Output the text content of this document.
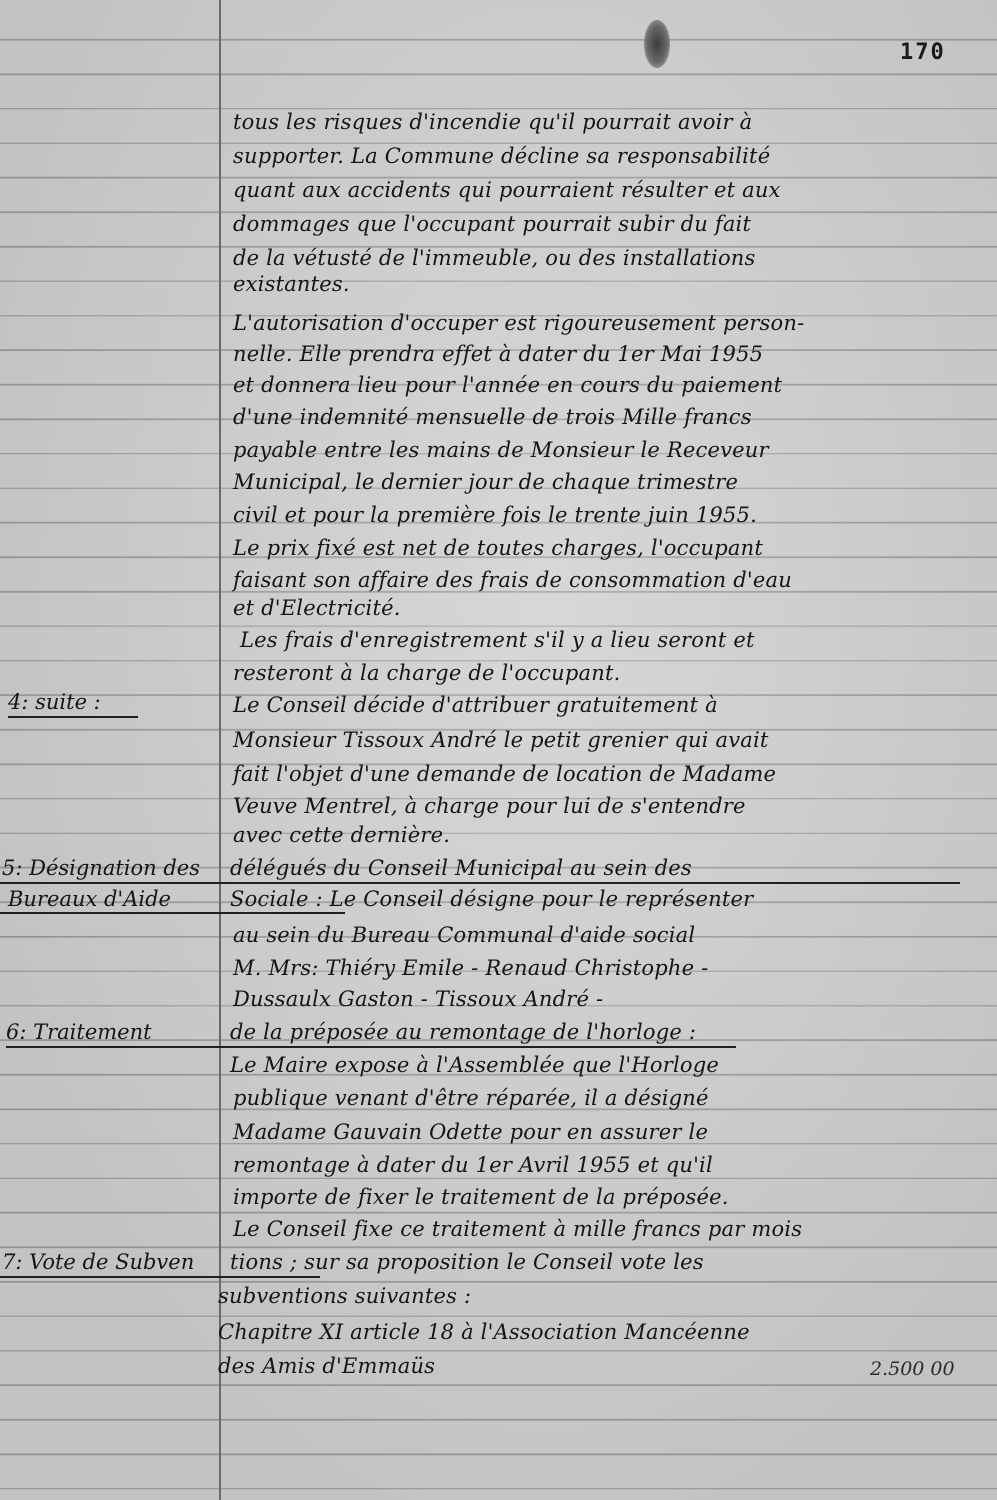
170
4: suite :
5: Désignation des
Bureaux d'Aide
6: Traitement
7: Vote de Subven
tous les risques d'incendie qu'il pourrait avoir à
supporter. La Commune décline sa responsabilité
quant aux accidents qui pourraient résulter et aux
dommages que l'occupant pourrait subir du fait
de la vétusté de l'immeuble, ou des installations
existantes.
L'autorisation d'occuper est rigoureusement person-
nelle. Elle prendra effet à dater du 1er Mai 1955
et donnera lieu pour l'année en cours du paiement
d'une indemnité mensuelle de trois Mille francs
payable entre les mains de Monsieur le Receveur
Municipal, le dernier jour de chaque trimestre
civil et pour la première fois le trente juin 1955.
Le prix fixé est net de toutes charges, l'occupant
faisant son affaire des frais de consommation d'eau
et d'Electricité.
Les frais d'enregistrement s'il y a lieu seront et
resteront à la charge de l'occupant.
Le Conseil décide d'attribuer gratuitement à
Monsieur Tissoux André le petit grenier qui avait
fait l'objet d'une demande de location de Madame
Veuve Mentrel, à charge pour lui de s'entendre
avec cette dernière.
délégués du Conseil Municipal au sein des
Sociale : Le Conseil désigne pour le représenter
au sein du Bureau Communal d'aide social
M. Mrs: Thiéry Emile - Renaud Christophe -
Dussaulx Gaston - Tissoux André -
de la préposée au remontage de l'horloge :
Le Maire expose à l'Assemblée que l'Horloge
publique venant d'être réparée, il a désigné
Madame Gauvain Odette pour en assurer le
remontage à dater du 1er Avril 1955 et qu'il
importe de fixer le traitement de la préposée.
Le Conseil fixe ce traitement à mille francs par mois
tions ; sur sa proposition le Conseil vote les
subventions suivantes :
Chapitre XI article 18 à l'Association Mancéenne
des Amis d'Emmaüs	2.500 00
